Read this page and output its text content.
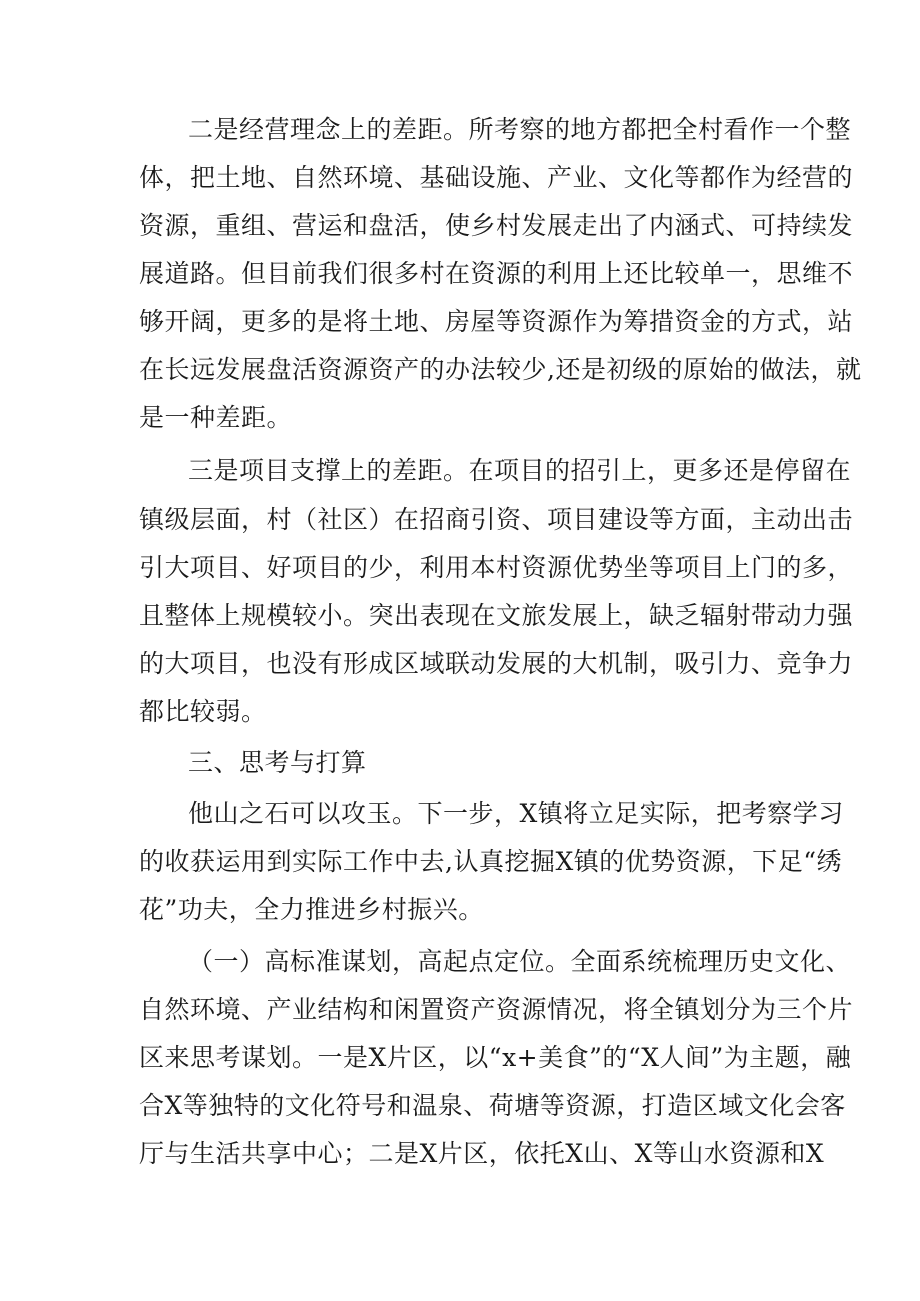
二是经营理念上的差距。所考察的地方都把全村看作一个整
体，把土地、自然环境、基础设施、产业、文化等都作为经营的
资源，重组、营运和盘活，使乡村发展走出了内涵式、可持续发
展道路。但目前我们很多村在资源的利用上还比较单一，思维不
够开阔，更多的是将土地、房屋等资源作为筹措资金的方式，站
在长远发展盘活资源资产的办法较少,还是初级的原始的做法，就
是一种差距。
三是项目支撑上的差距。在项目的招引上，更多还是停留在
镇级层面，村（社区）在招商引资、项目建设等方面，主动出击
引大项目、好项目的少，利用本村资源优势坐等项目上门的多，
且整体上规模较小。突出表现在文旅发展上，缺乏辐射带动力强
的大项目，也没有形成区域联动发展的大机制，吸引力、竞争力
都比较弱。
三、思考与打算
他山之石可以攻玉。下一步，X镇将立足实际，把考察学习
的收获运用到实际工作中去,认真挖掘X镇的优势资源，下足“绣
花”功夫，全力推进乡村振兴。
（一）高标准谋划，高起点定位。全面系统梳理历史文化、
自然环境、产业结构和闲置资产资源情况，将全镇划分为三个片
区来思考谋划。一是X片区，以“x+美食”的“X人间”为主题，融
合X等独特的文化符号和温泉、荷塘等资源，打造区域文化会客
厅与生活共享中心；二是X片区，依托X山、X等山水资源和X
